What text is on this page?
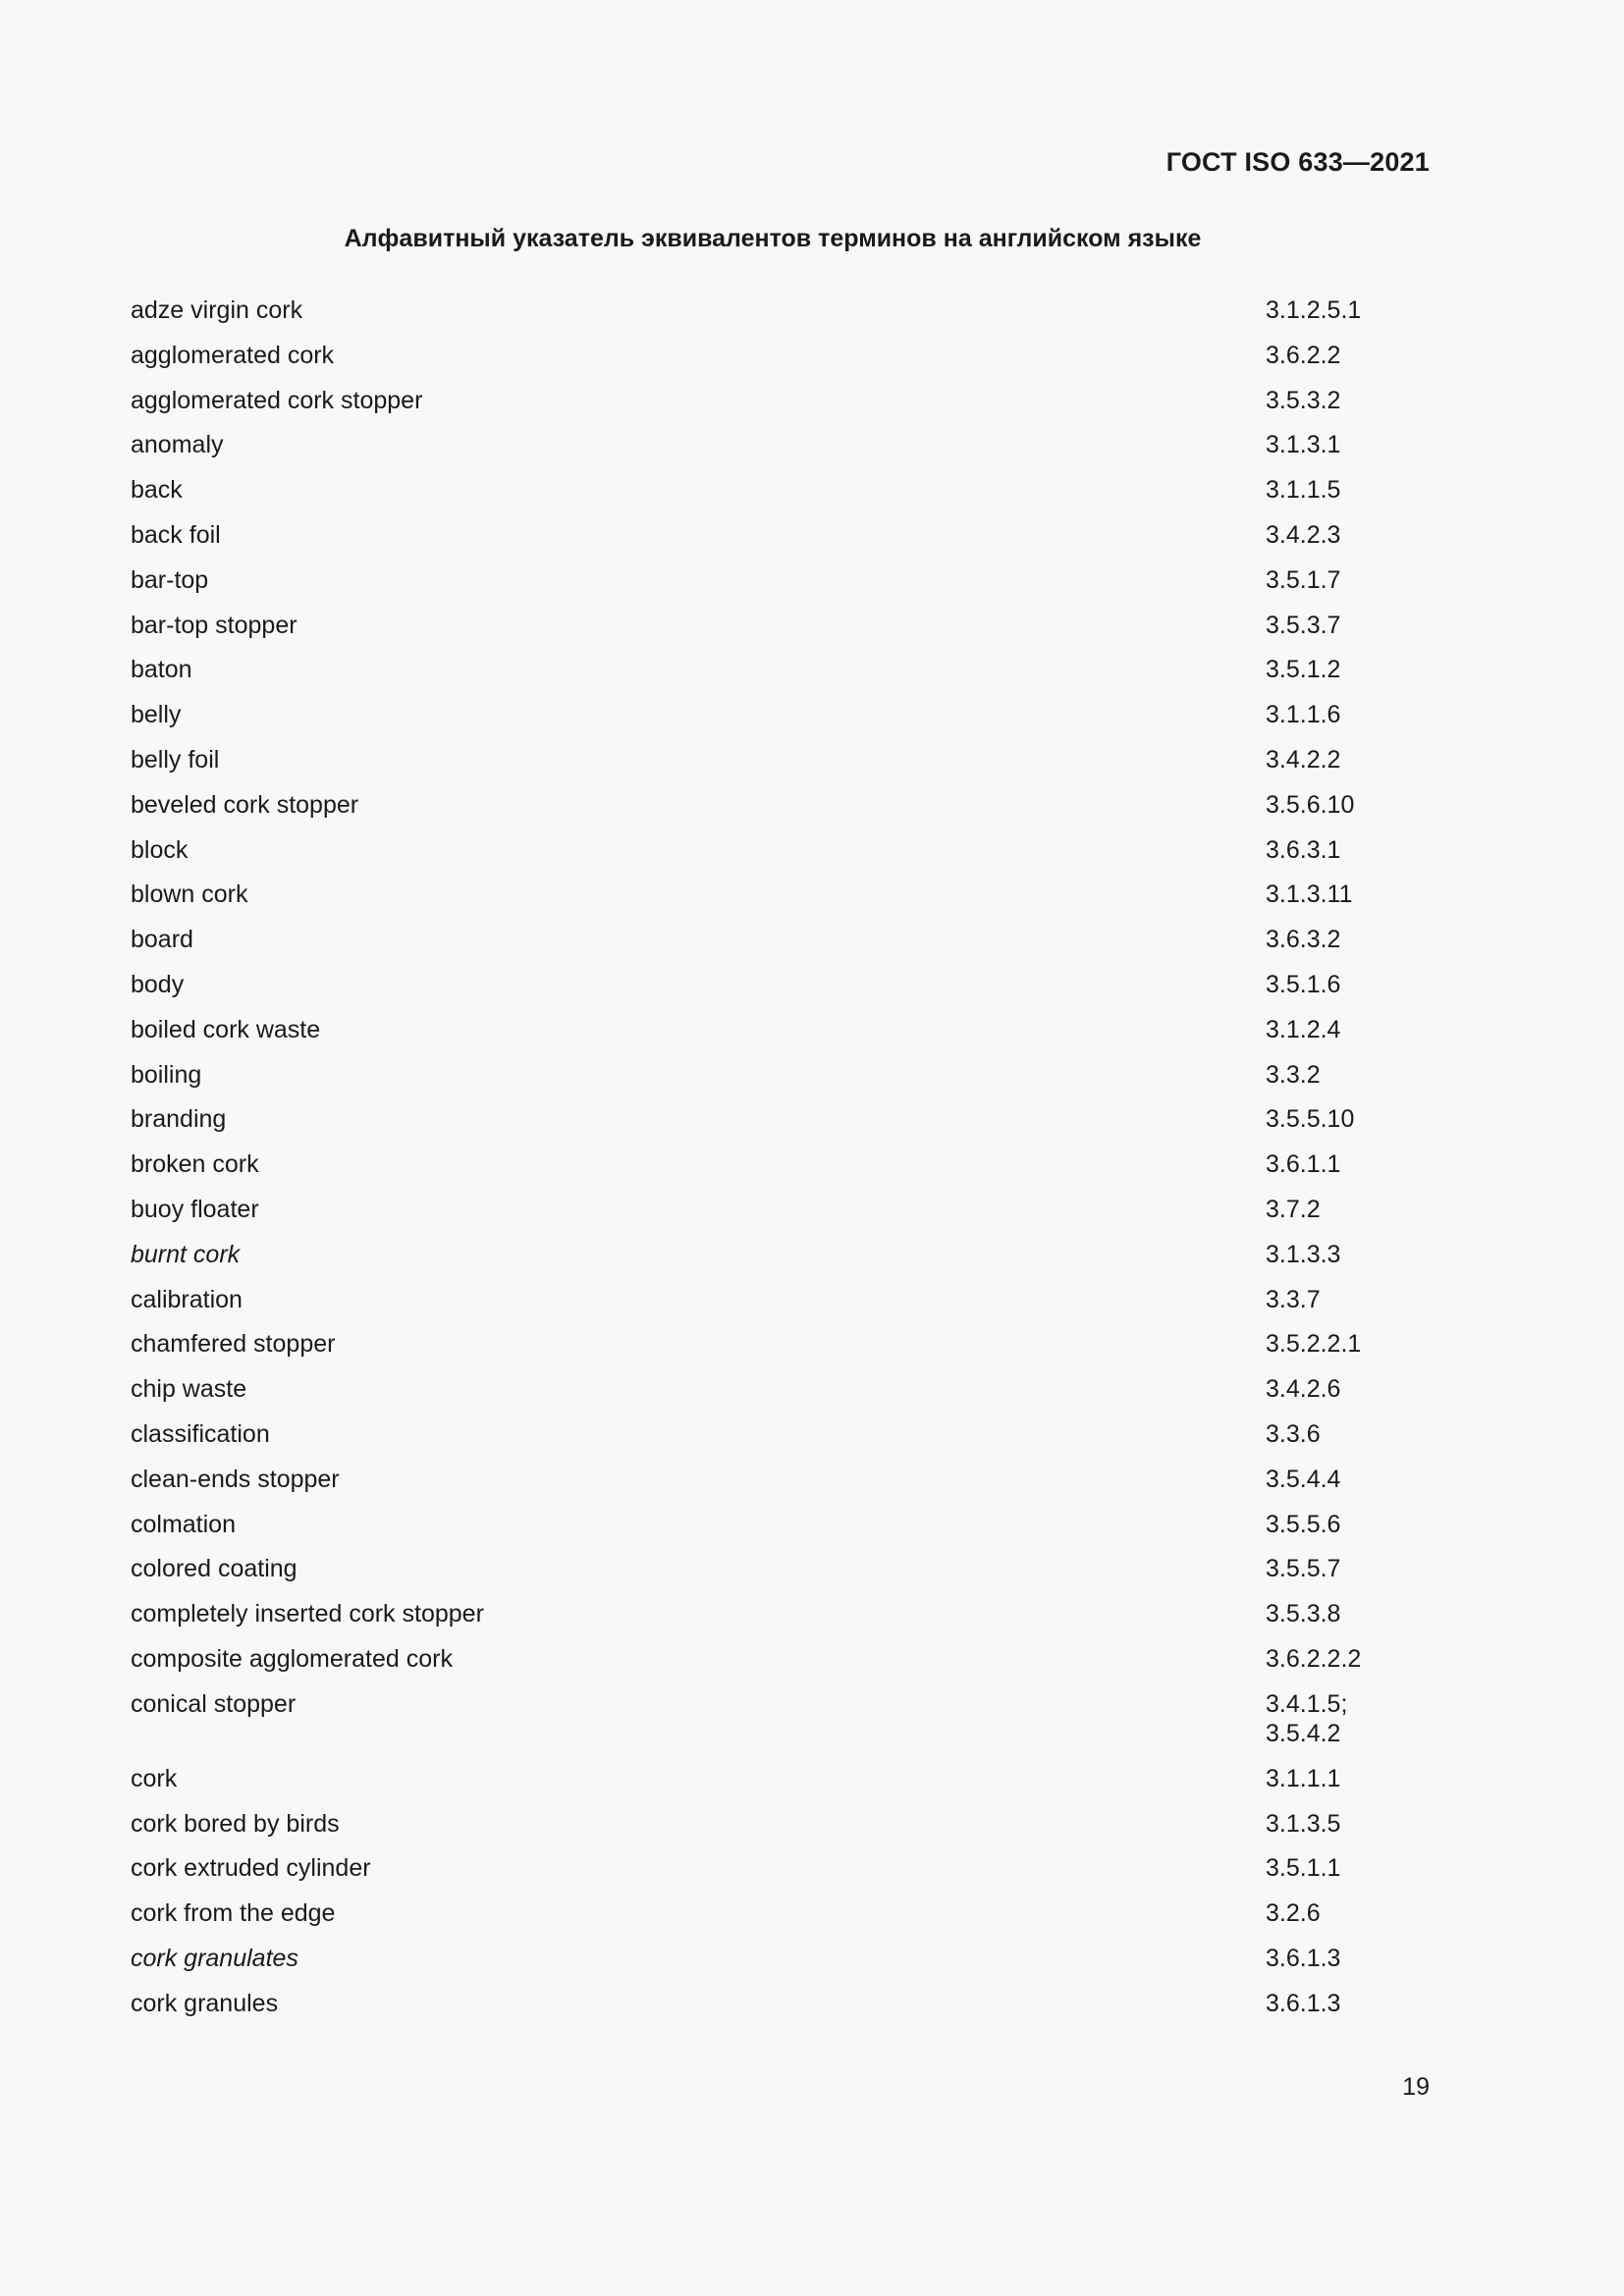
ГОСТ ISO 633—2021
Алфавитный указатель эквивалентов терминов на английском языке
adze virgin cork	3.1.2.5.1
agglomerated cork	3.6.2.2
agglomerated cork stopper	3.5.3.2
anomaly	3.1.3.1
back	3.1.1.5
back foil	3.4.2.3
bar-top	3.5.1.7
bar-top stopper	3.5.3.7
baton	3.5.1.2
belly	3.1.1.6
belly foil	3.4.2.2
beveled cork stopper	3.5.6.10
block	3.6.3.1
blown cork	3.1.3.11
board	3.6.3.2
body	3.5.1.6
boiled cork waste	3.1.2.4
boiling	3.3.2
branding	3.5.5.10
broken cork	3.6.1.1
buoy floater	3.7.2
burnt cork	3.1.3.3
calibration	3.3.7
chamfered stopper	3.5.2.2.1
chip waste	3.4.2.6
classification	3.3.6
clean-ends stopper	3.5.4.4
colmation	3.5.5.6
colored coating	3.5.5.7
completely inserted cork stopper	3.5.3.8
composite agglomerated cork	3.6.2.2.2
conical stopper	3.4.1.5;
3.5.4.2
cork	3.1.1.1
cork bored by birds	3.1.3.5
cork extruded cylinder	3.5.1.1
cork from the edge	3.2.6
cork granulates	3.6.1.3
cork granules	3.6.1.3
19
